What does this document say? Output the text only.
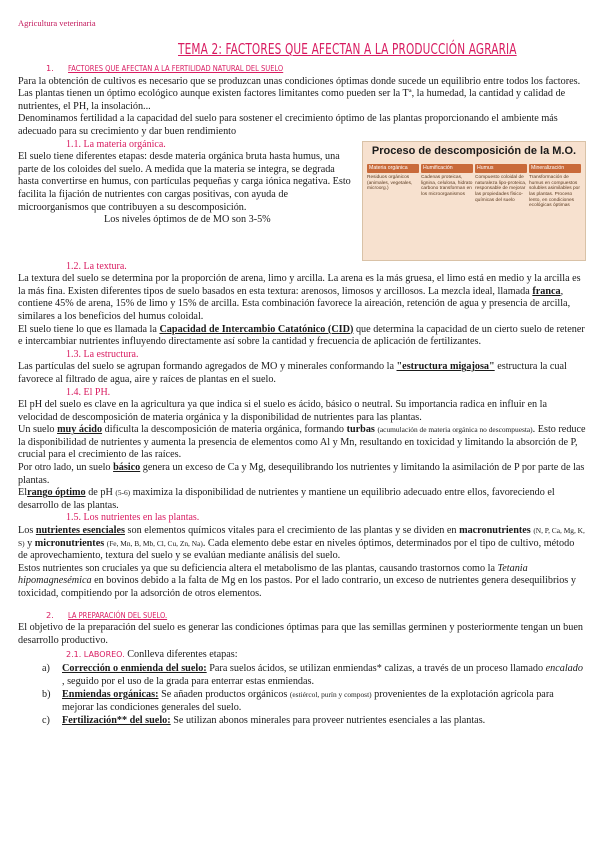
Agricultura veterinaria
TEMA 2: FACTORES QUE AFECTAN A LA PRODUCCIÓN AGRARIA
1. FACTORES QUE AFECTAN A LA FERTILIDAD NATURAL DEL SUELO

Para la obtención de cultivos es necesario que se produzcan unas condiciones óptimas donde sucede un equilibrio entre todos los factores. Las plantas tienen un óptimo ecológico aunque existen factores limitantes como pueden ser la Tª, la humedad, la cantidad y calidad de nutrientes, el PH, la insolación...

Denominamos fertilidad a la capacidad del suelo para sostener el crecimiento óptimo de las plantas proporcionando el ambiente más adecuado para su crecimiento y dar buen rendimiento

1.1. La materia orgánica.

El suelo tiene diferentes etapas: desde materia orgánica bruta hasta humus, una parte de los coloides del suelo. A medida que la materia se integra, se degrada hasta convertirse en humus, con partículas pequeñas y carga iónica negativa. Esto facilita la fijación de nutrientes con cargas positivas, con ayuda de microorganismos que contribuyen a su descomposición.

Los niveles óptimos de de MO son 3-5%

Proceso de descomposición de la M.O.
Materia orgánica
Residuos orgánicos (animales, vegetales, microorg.)
Humificación
Cadenas proteicas, lignina, celulosa, hidrato carbono transforman en los microorganismos
Humus
Compuesto coloidal de naturaleza lipo-proteica, responsable de mejorar las propiedades físico-químicas del suelo
Mineralización
Transformación de humus en compuestos solubles asimilables por las plantas. Proceso lento, en condiciones ecológicas óptimas
1.2. La textura.

La textura del suelo se determina por la proporción de arena, limo y arcilla. La arena es la más gruesa, el limo está en medio y la arcilla es la más fina. Existen diferentes tipos de suelo basados en esta textura: arenosos, limosos y arcillosos. La mezcla ideal, llamada franca, contiene 45% de arena, 15% de limo y 15% de arcilla. Esta combinación favorece la aireación, retención de agua y presencia de arcilla, similares a los beneficios del humus coloidal.

El suelo tiene lo que es llamada la Capacidad de Intercambio Catatónico (CID) que determina la capacidad de un cierto suelo de retener e intercambiar nutrientes influyendo directamente así sobre la cantidad y frecuencia de aplicación de fertilizantes.

1.3. La estructura.

Las partículas del suelo se agrupan formando agregados de MO y minerales conformando la "estructura migajosa" estructura la cual favorece al filtrado de agua, aire y raíces de plantas en el suelo.

1.4. El PH.

El pH del suelo es clave en la agricultura ya que indica si el suelo es ácido, básico o neutral. Su importancia radica en influir en la velocidad de descomposición de materia orgánica y la disponibilidad de nutrientes para las plantas.

Un suelo muy ácido dificulta la descomposición de materia orgánica, formando turbas (acumulación de materia orgánica no descompuesta). Esto reduce la disponibilidad de nutrientes y aumenta la presencia de elementos como Al y Mn, resultando en toxicidad y limitando la absorción de P, crucial para el crecimiento de las raíces.

Por otro lado, un suelo básico genera un exceso de Ca y Mg, desequilibrando los nutrientes y limitando la asimilación de P por parte de las plantas.

Elrango óptimo de pH (5-6) maximiza la disponibilidad de nutrientes y mantiene un equilibrio adecuado entre ellos, favoreciendo el desarrollo de las plantas.

1.5. Los nutrientes en las plantas.

Los nutrientes esenciales son elementos químicos vitales para el crecimiento de las plantas y se dividen en macronutrientes (N, P, Ca, Mg, K, S) y micronutrientes (Fe, Mn, B, Mb, Cl, Cu, Zn, Na). Cada elemento debe estar en niveles óptimos, determinados por el tipo de cultivo, método de aprovechamiento, textura del suelo y se evalúan mediante análisis del suelo.

Estos nutrientes son cruciales ya que su deficiencia altera el metabolismo de las plantas, causando trastornos como la Tetania hipomagnesémica en bovinos debido a la falta de Mg en los pastos. Por el lado contrario, un exceso de nutrientes genera desequilibrios y toxicidad, compitiendo por la adsorción de otros elementos.

2. LA PREPARACIÓN DEL SUELO.

El objetivo de la preparación del suelo es generar las condiciones óptimas para que las semillas germinen y posteriormente tengan un buen desarrollo productivo.

2.1. LABOREO. Conlleva diferentes etapas:
a)	Corrección o enmienda del suelo: Para suelos ácidos, se utilizan enmiendas* calizas, a través de un proceso llamado encalado , seguido por el uso de la grada para enterrar estas enmiendas.
b)	Enmiendas orgánicas: Se añaden productos orgánicos (estiércol, purín y compost) provenientes de la explotación agrícola para mejorar las condiciones generales del suelo.
c)	Fertilización** del suelo: Se utilizan abonos minerales para proveer nutrientes esenciales a las plantas.
